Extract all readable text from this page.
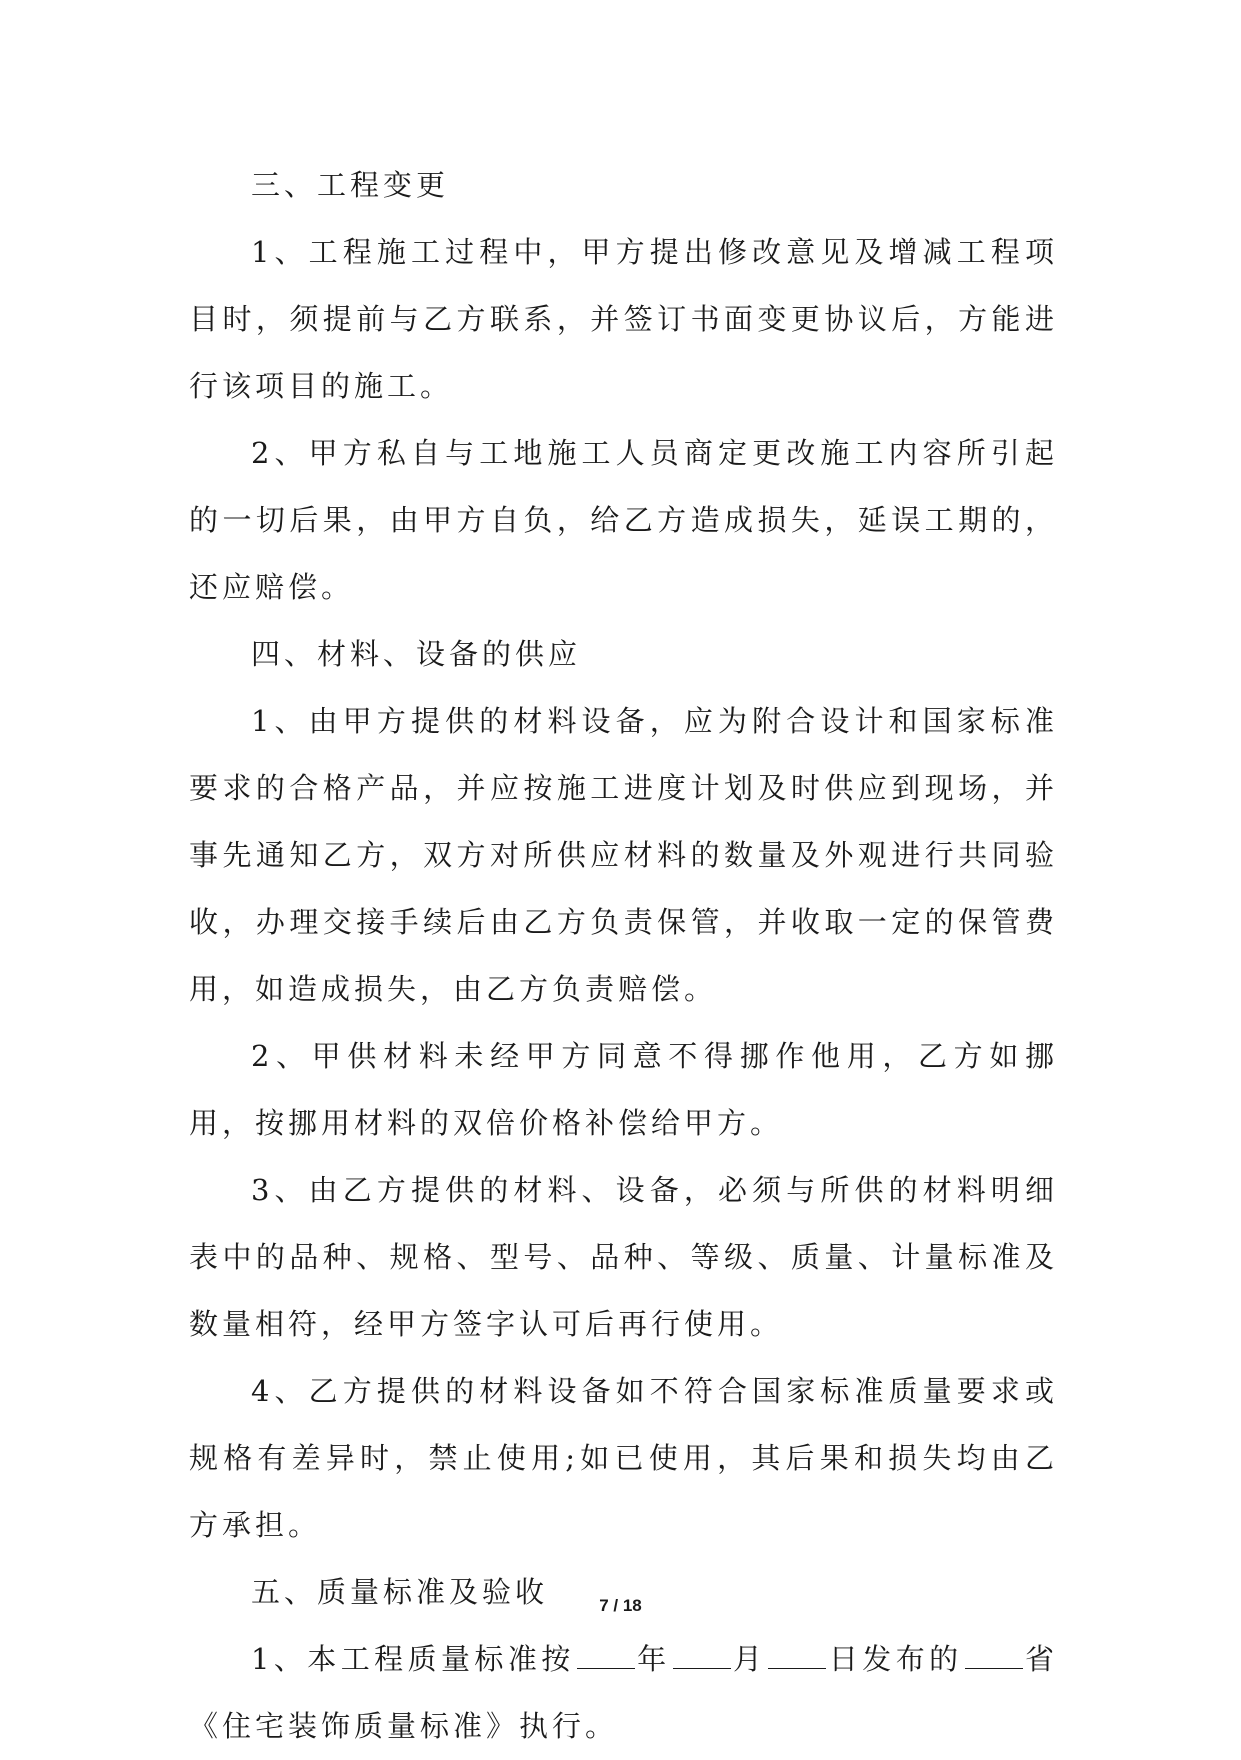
三、工程变更

1、工程施工过程中，甲方提出修改意见及增减工程项目时，须提前与乙方联系，并签订书面变更协议后，方能进行该项目的施工。

2、甲方私自与工地施工人员商定更改施工内容所引起的一切后果，由甲方自负，给乙方造成损失，延误工期的，还应赔偿。

四、材料、设备的供应

1、由甲方提供的材料设备，应为附合设计和国家标准要求的合格产品，并应按施工进度计划及时供应到现场，并事先通知乙方，双方对所供应材料的数量及外观进行共同验收，办理交接手续后由乙方负责保管，并收取一定的保管费用，如造成损失，由乙方负责赔偿。

2、甲供材料未经甲方同意不得挪作他用，乙方如挪用，按挪用材料的双倍价格补偿给甲方。

3、由乙方提供的材料、设备，必须与所供的材料明细表中的品种、规格、型号、品种、等级、质量、计量标准及数量相符，经甲方签字认可后再行使用。

4、乙方提供的材料设备如不符合国家标准质量要求或规格有差异时，禁止使用;如已使用，其后果和损失均由乙方承担。

五、质量标准及验收

1、本工程质量标准按 年 月 日发布的 省《住宅装饰质量标准》执行。

7 / 18
